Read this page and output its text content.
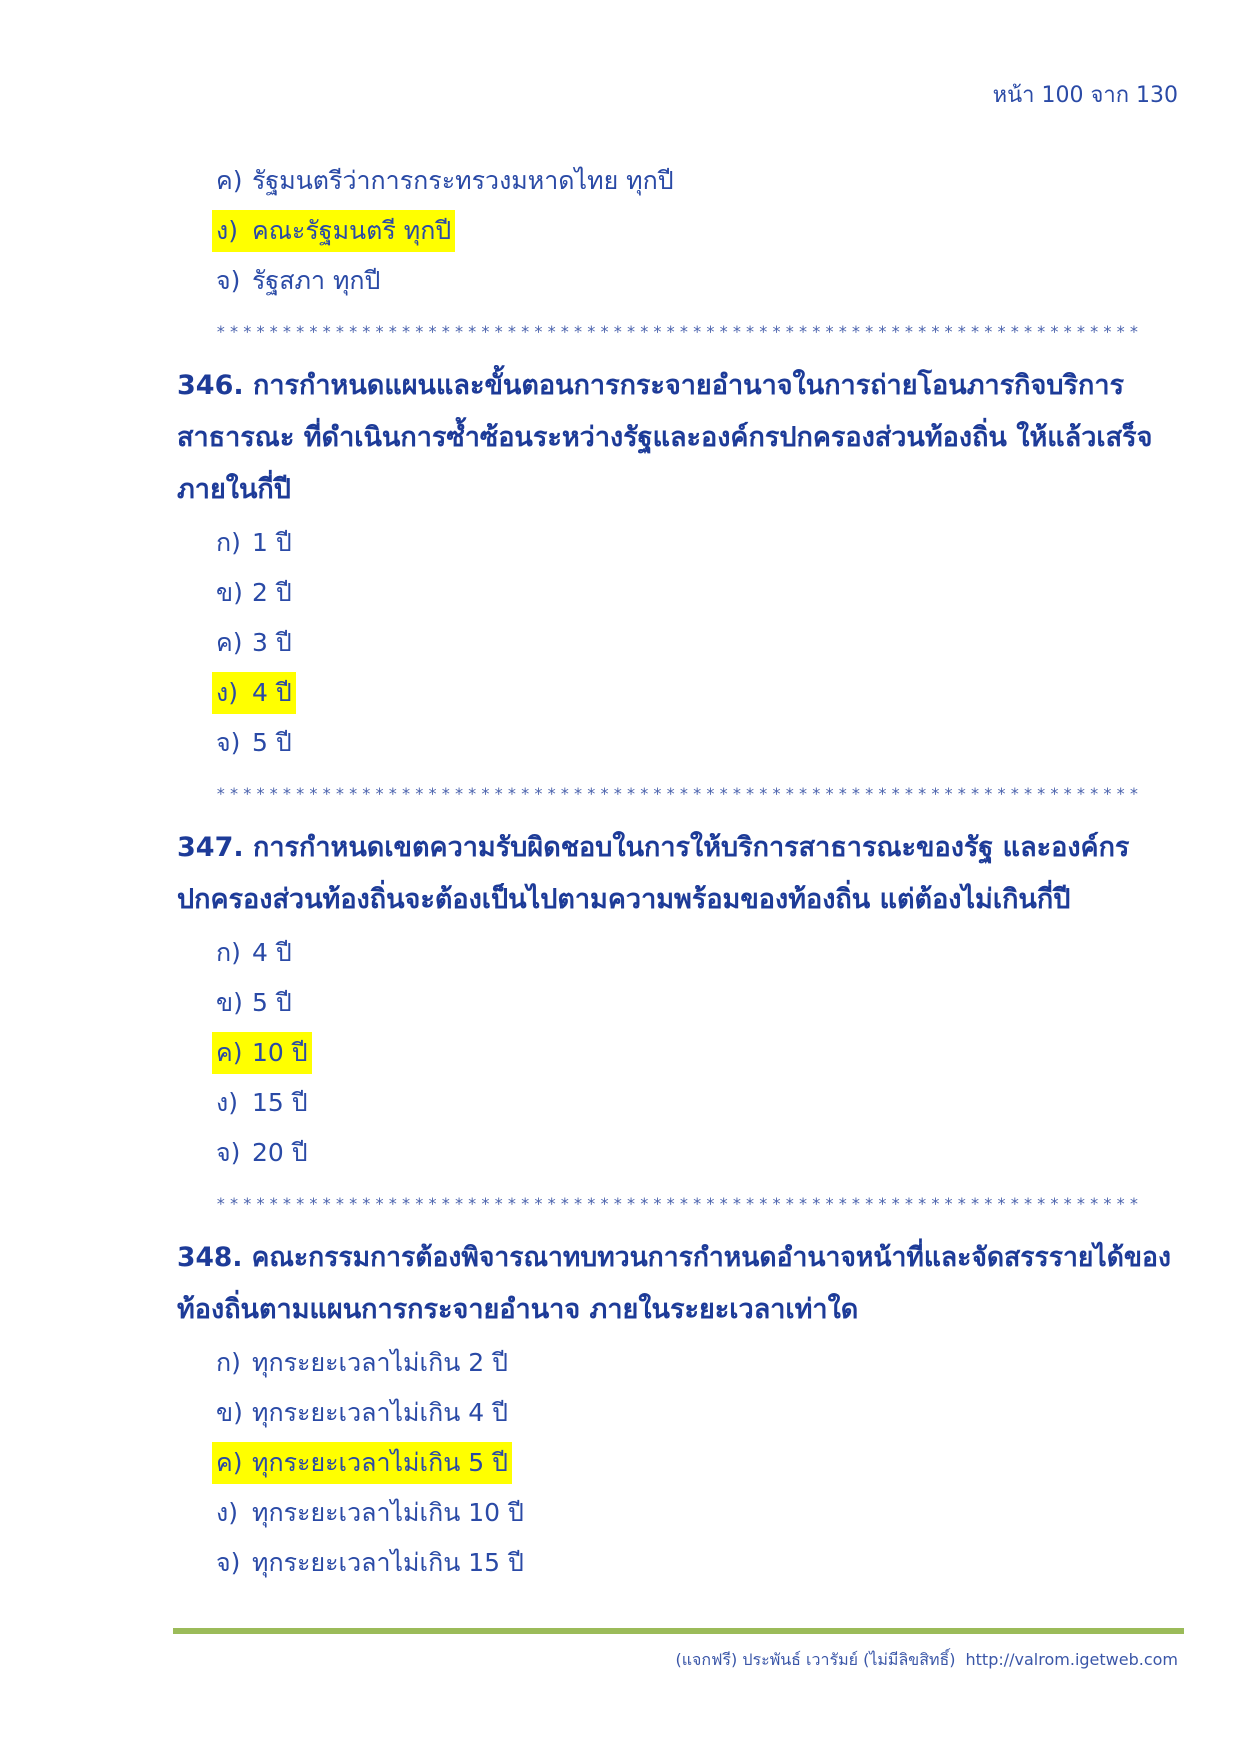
หน้า 100 จาก 130
ค) รัฐมนตรีว่าการกระทรวงมหาดไทย ทุกปี
ง) คณะรัฐมนตรี ทุกปี
จ) รัฐสภา ทุกปี
**********************************************************************
346. การกำหนดแผนและขั้นตอนการกระจายอำนาจในการถ่ายโอนภารกิจบริการ
สาธารณะ ที่ดำเนินการซ้ำซ้อนระหว่างรัฐและองค์กรปกครองส่วนท้องถิ่น ให้แล้วเสร็จ
ภายในกี่ปี
ก) 1 ปี
ข) 2 ปี
ค) 3 ปี
ง) 4 ปี
จ) 5 ปี
**********************************************************************
347. การกำหนดเขตความรับผิดชอบในการให้บริการสาธารณะของรัฐ และองค์กร
ปกครองส่วนท้องถิ่นจะต้องเป็นไปตามความพร้อมของท้องถิ่น แต่ต้องไม่เกินกี่ปี
ก) 4 ปี
ข) 5 ปี
ค) 10 ปี
ง) 15 ปี
จ) 20 ปี
**********************************************************************
348. คณะกรรมการต้องพิจารณาทบทวนการกำหนดอำนาจหน้าที่และจัดสรรรายได้ของ
ท้องถิ่นตามแผนการกระจายอำนาจ ภายในระยะเวลาเท่าใด
ก) ทุกระยะเวลาไม่เกิน 2 ปี
ข) ทุกระยะเวลาไม่เกิน 4 ปี
ค) ทุกระยะเวลาไม่เกิน 5 ปี
ง) ทุกระยะเวลาไม่เกิน 10 ปี
จ) ทุกระยะเวลาไม่เกิน 15 ปี
(แจกฟรี) ประพันธ์ เวารัมย์ (ไม่มีลิขสิทธิ์) http://valrom.igetweb.com
